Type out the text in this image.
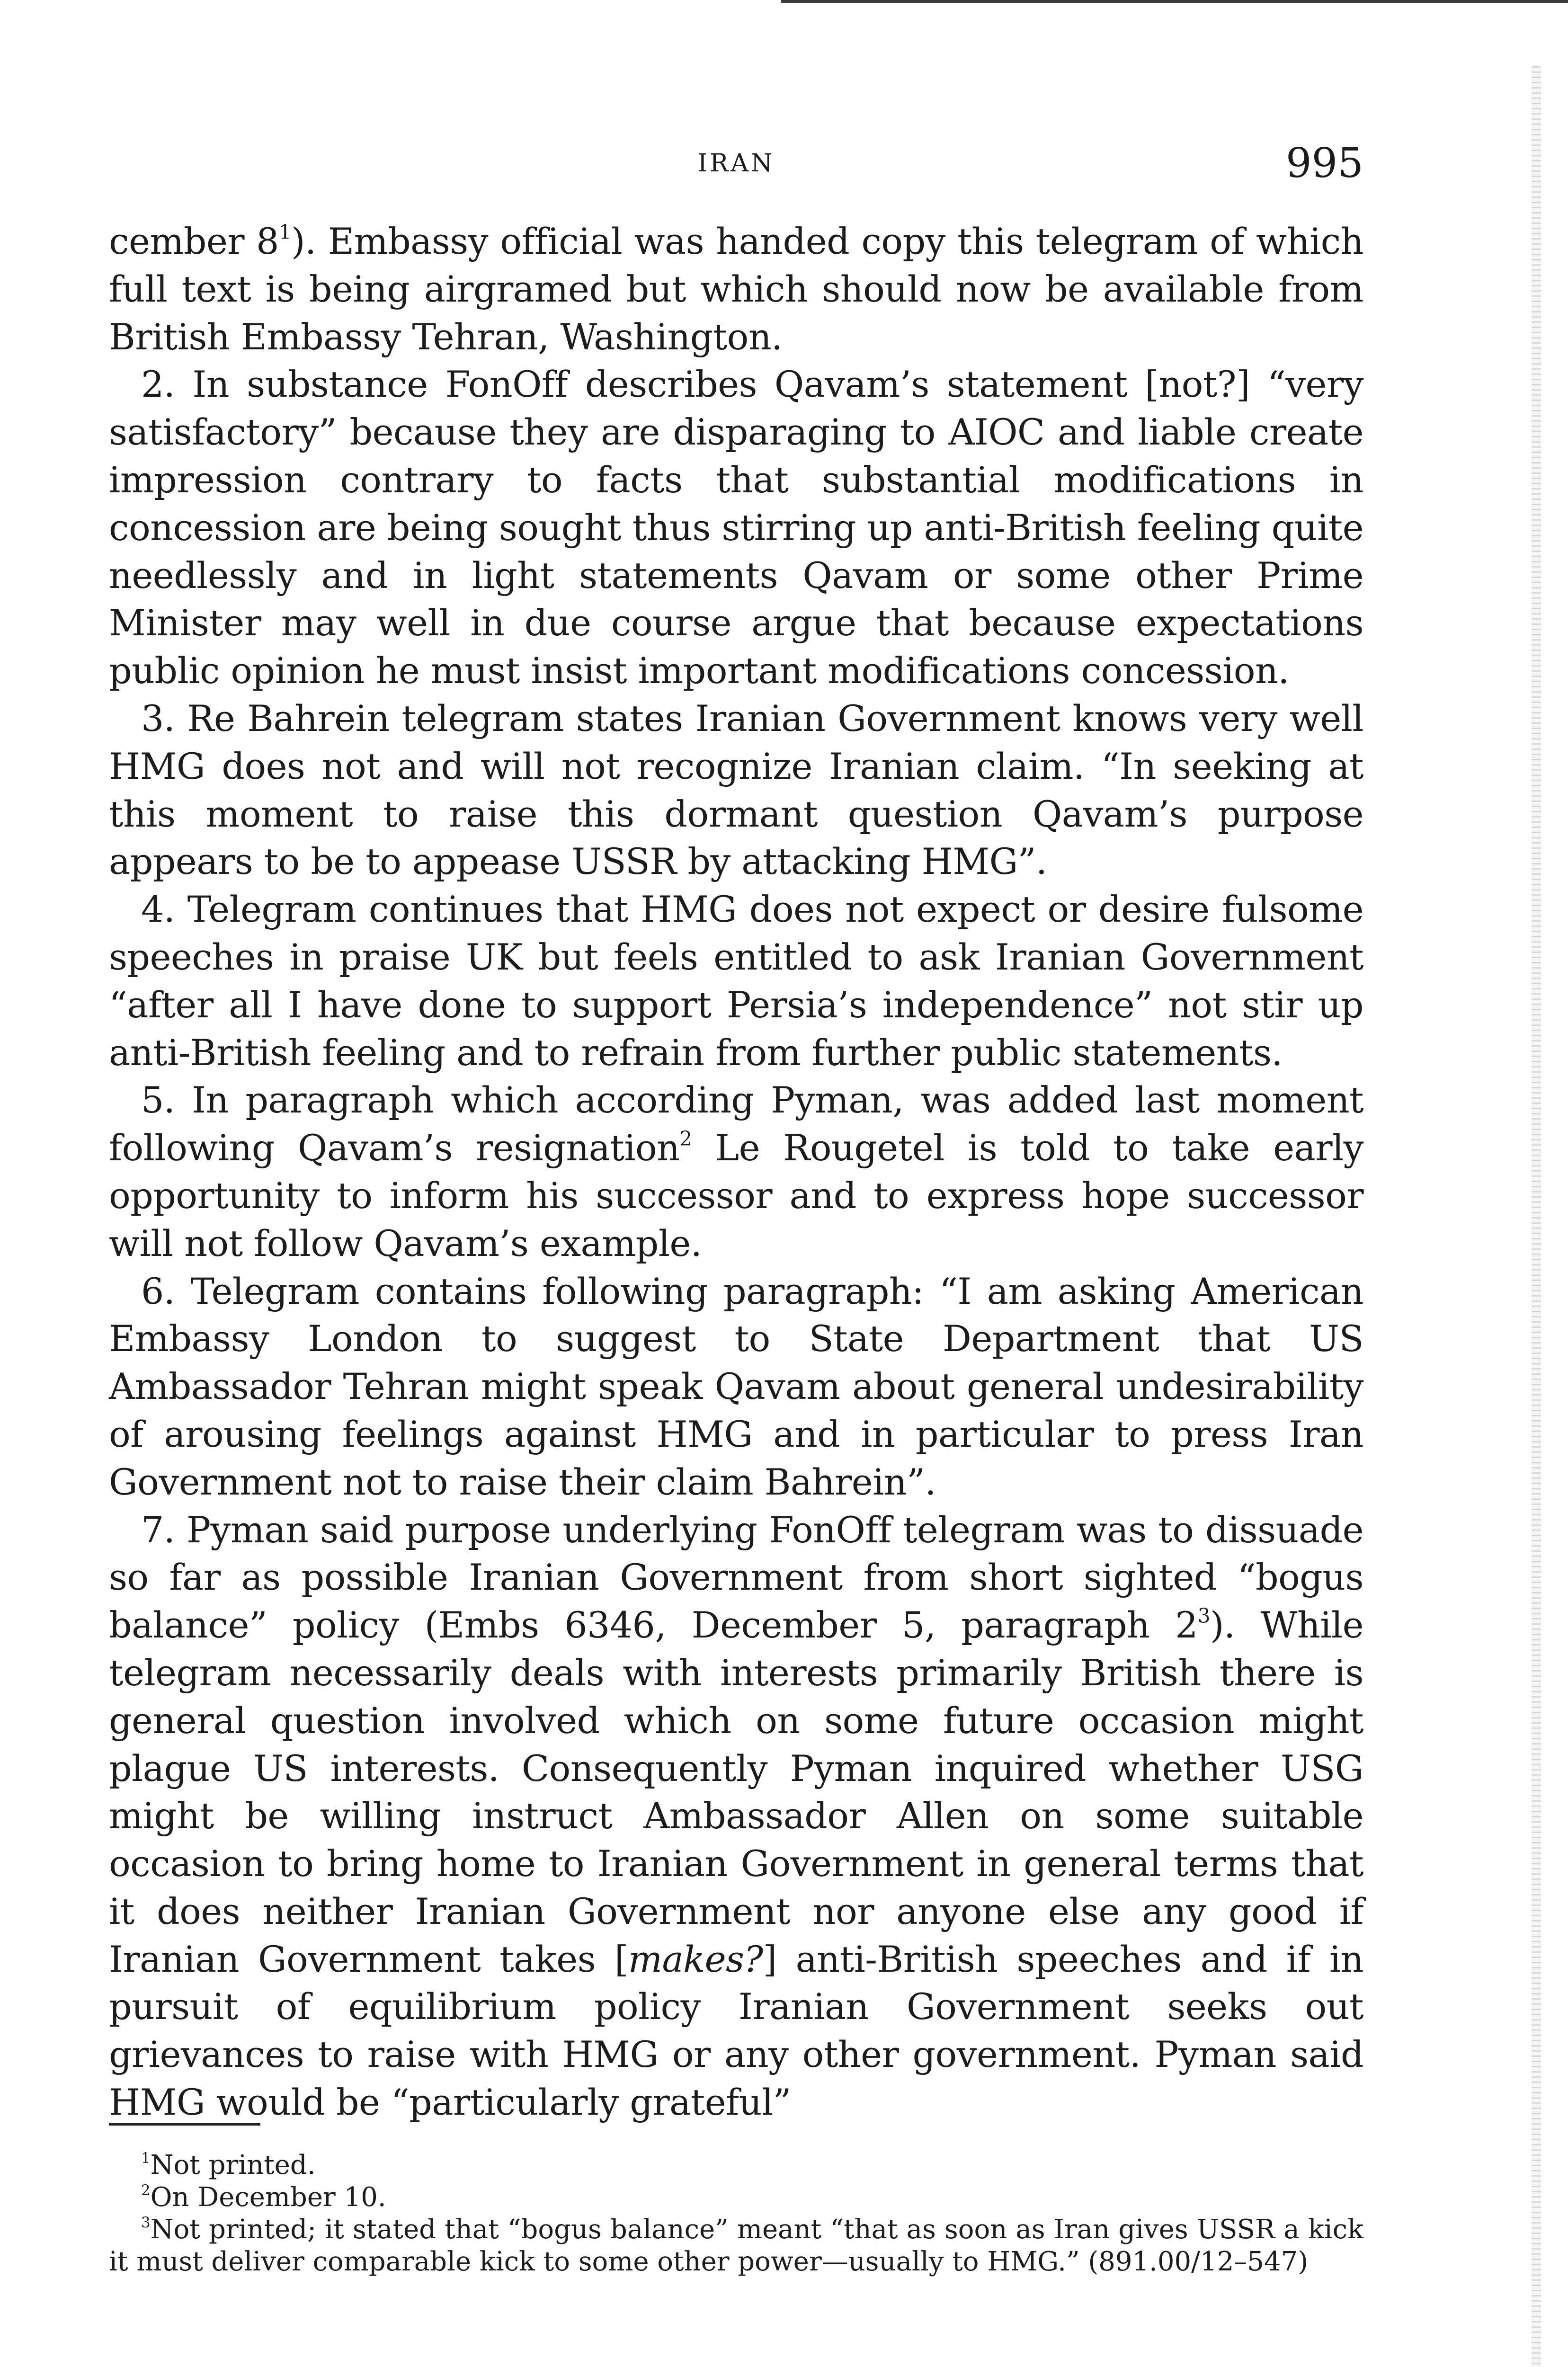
IRAN	995

cember $8^1$). Embassy official was handed copy this telegram of which full text is being airgramed but which should now be available from British Embassy Tehran, Washington.

2. In substance FonOff describes Qavam’s statement [not?] “very satisfactory” because they are disparaging to AIOC and liable create impression contrary to facts that substantial modifications in concession are being sought thus stirring up anti-British feeling quite needlessly and in light statements Qavam or some other Prime Minister may well in due course argue that because expectations public opinion he must insist important modifications concession.

3. Re Bahrein telegram states Iranian Government knows very well HMG does not and will not recognize Iranian claim. “In seeking at this moment to raise this dormant question Qavam’s purpose appears to be to appease USSR by attacking HMG”.

4. Telegram continues that HMG does not expect or desire fulsome speeches in praise UK but feels entitled to ask Iranian Government “after all I have done to support Persia’s independence” not stir up anti-British feeling and to refrain from further public statements.

5. In paragraph which according Pyman, was added last moment following Qavam’s resignation$^2$ Le Rougetel is told to take early opportunity to inform his successor and to express hope successor will not follow Qavam’s example.

6. Telegram contains following paragraph: “I am asking American Embassy London to suggest to State Department that US Ambassador Tehran might speak Qavam about general undesirability of arousing feelings against HMG and in particular to press Iran Government not to raise their claim Bahrein”.

7. Pyman said purpose underlying FonOff telegram was to dissuade so far as possible Iranian Government from short sighted “bogus balance” policy (Embs 6346, December 5, paragraph $2^3$). While telegram necessarily deals with interests primarily British there is general question involved which on some future occasion might plague US interests. Consequently Pyman inquired whether USG might be willing instruct Ambassador Allen on some suitable occasion to bring home to Iranian Government in general terms that it does neither Iranian Government nor anyone else any good if Iranian Government takes [makes?] anti-British speeches and if in pursuit of equilibrium policy Iranian Government seeks out grievances to raise with HMG or any other government. Pyman said HMG would be “particularly grateful”

$^1$Not printed.

$^2$On December 10.

$^3$Not printed; it stated that “bogus balance” meant “that as soon as Iran gives USSR a kick it must deliver comparable kick to some other power—usually to HMG.” (891.00/12–547)
